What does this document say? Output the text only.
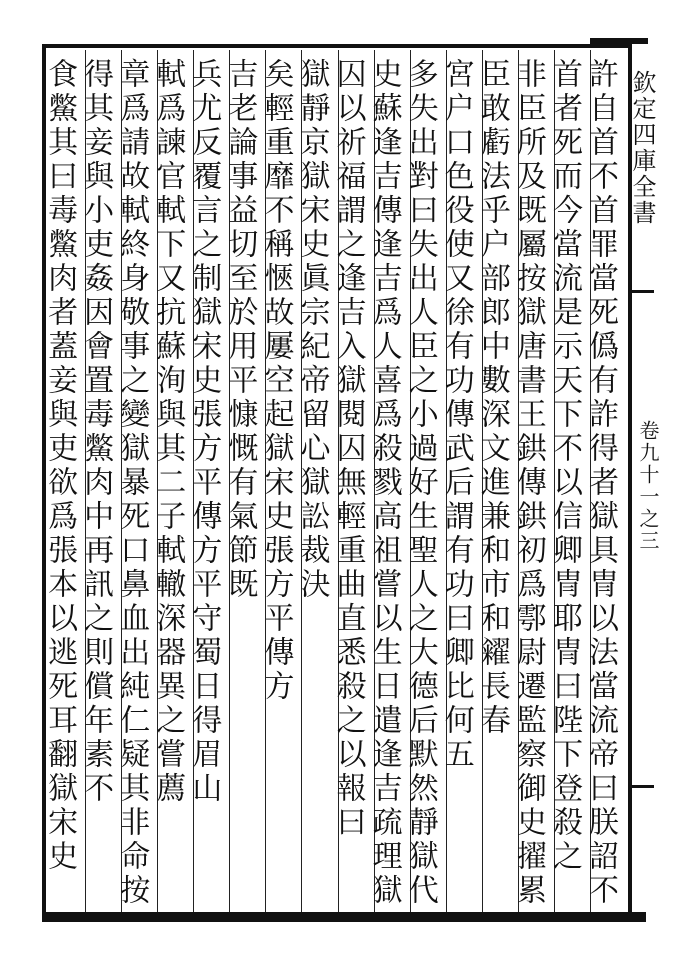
欽定四庫全書
卷九十一之三
許自首不首罪當死僞有詐得者獄具冑以法當流帝曰朕詔不
首者死而今當流是示天下不以信卿冑耶冑曰陛下登殺之
非臣所及既屬按獄唐書王鉷傳鉷初爲鄠尉遷監察御史擢累
臣敢虧法乎户部郎中數深文進兼和市和糴長春
宮户口色役使又徐有功傳武后謂有功曰卿比何五
多失出對曰失出人臣之小過好生聖人之大德后默然靜獄代
史蘇逢吉傳逢吉爲人喜爲殺戮高祖嘗以生日遣逢吉疏理獄
囚以祈福謂之逢吉入獄閱囚無輕重曲直悉殺之以報曰
獄靜京獄宋史眞宗紀帝留心獄訟裁決
矣輕重靡不稱愜故屢空起獄宋史張方平傳方
吉老論事益切至於用平慷慨有氣節既
兵尤反覆言之制獄宋史張方平傳方平守蜀日得眉山
軾爲諫官軾下又抗蘇洵與其二子軾轍深器異之嘗薦
章爲請故軾終身敬事之變獄暴死口鼻血出純仁疑其非命按
得其妾與小吏姦因會置毒鱉肉中再訊之則償年素不
食鱉其曰毒鱉肉者蓋妾與吏欲爲張本以逃死耳翻獄宋史
